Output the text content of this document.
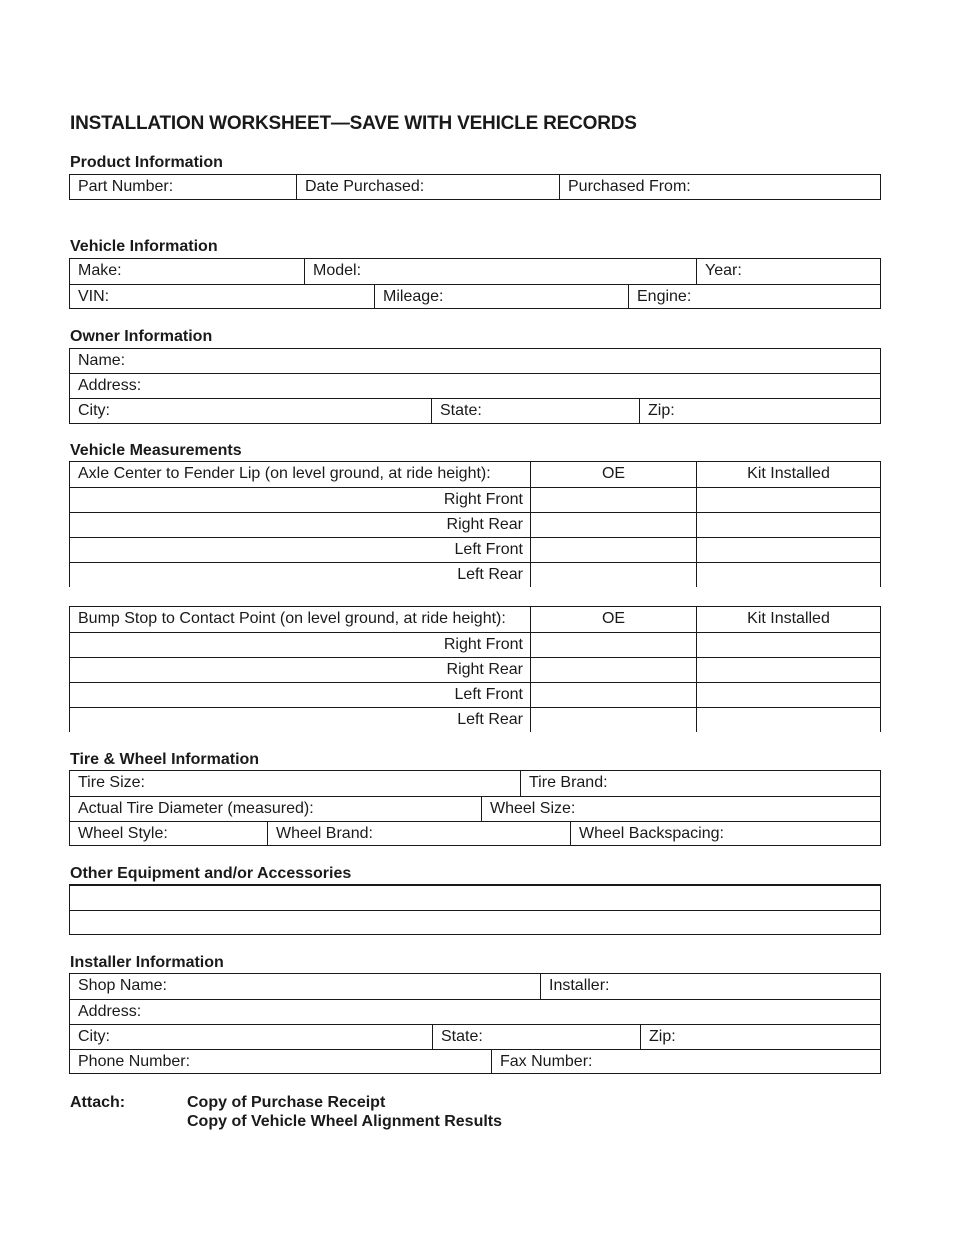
INSTALLATION WORKSHEET—SAVE WITH VEHICLE RECORDS
Product Information
Part Number:	Date Purchased:	Purchased From:
Vehicle Information
Make:	Model:	Year:
VIN:	Mileage:	Engine:
Owner Information
Name:
Address:
City:	State:	Zip:
Vehicle Measurements
Axle Center to Fender Lip (on level ground, at ride height):	OE	Kit Installed
Right Front
Right Rear
Left Front
Left Rear
Bump Stop to Contact Point (on level ground, at ride height):	OE	Kit Installed
Right Front
Right Rear
Left Front
Left Rear
Tire & Wheel Information
Tire Size:	Tire Brand:
Actual Tire Diameter (measured):	Wheel Size:
Wheel Style:	Wheel Brand:	Wheel Backspacing:
Other Equipment and/or Accessories
Installer Information
Shop Name:	Installer:
Address:
City:	State:	Zip:
Phone Number:	Fax Number:
Attach:	Copy of Purchase Receipt
Copy of Vehicle Wheel Alignment Results
